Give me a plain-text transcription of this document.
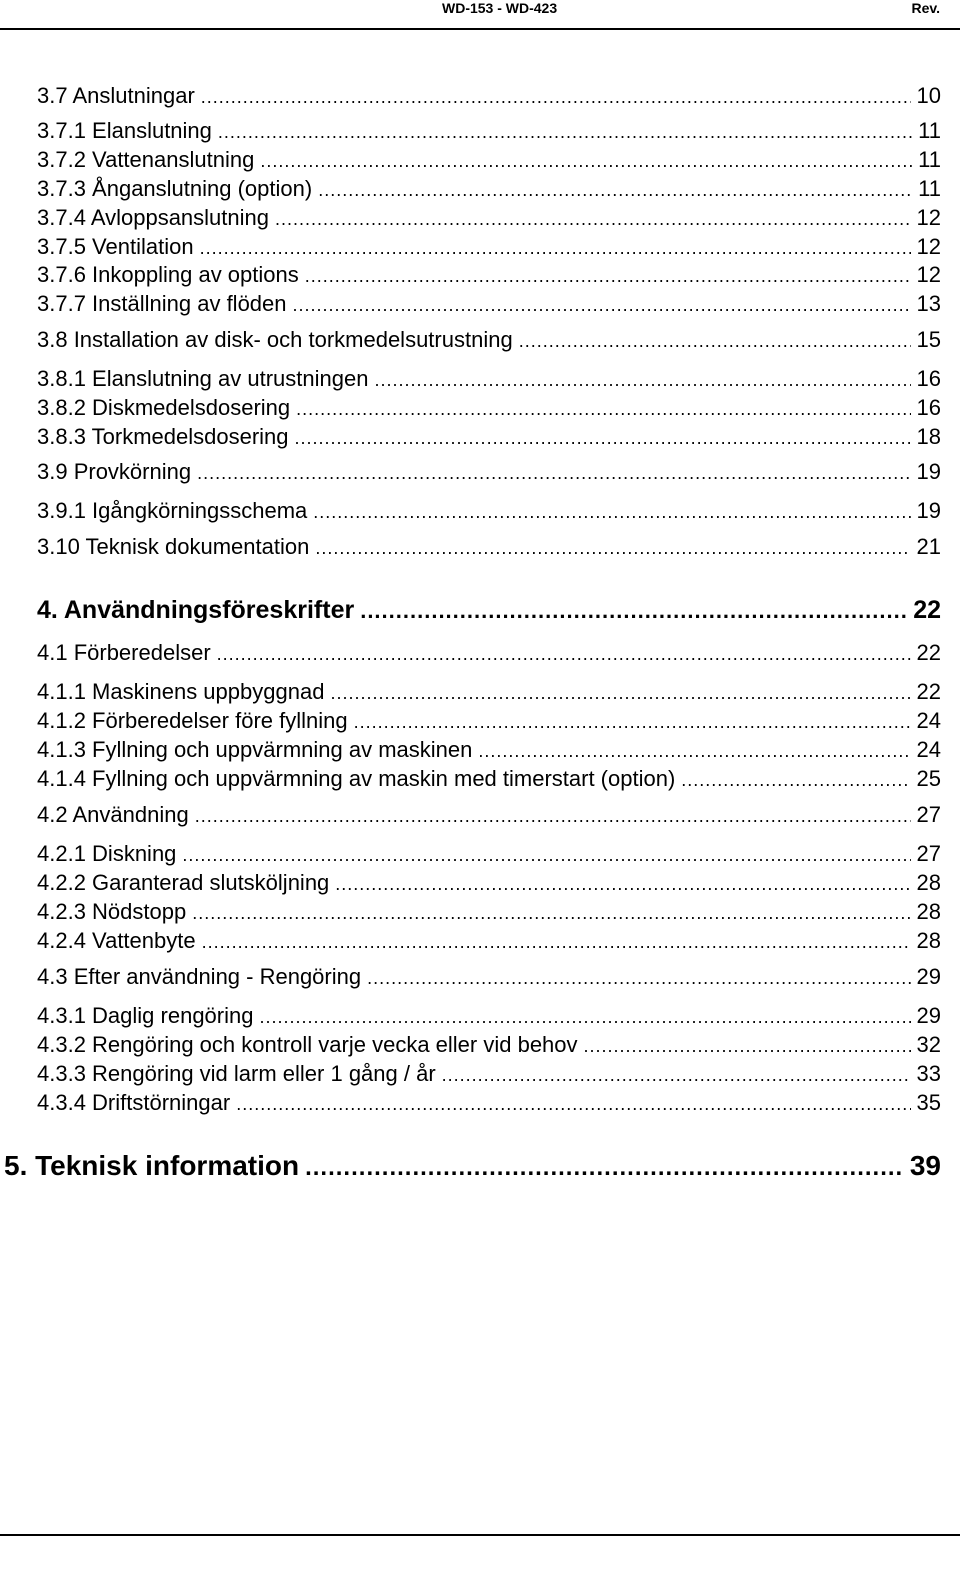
WD-153 - WD-423	Rev.
3.7 Anslutningar .....	10
3.7.1 Elanslutning .....	11
3.7.2 Vattenanslutning .....	11
3.7.3 Ånganslutning (option) .....	11
3.7.4 Avloppsanslutning .....	12
3.7.5 Ventilation .....	12
3.7.6 Inkoppling av options .....	12
3.7.7 Inställning av flöden .....	13
3.8 Installation av disk- och torkmedelsutrustning .....	15
3.8.1 Elanslutning av utrustningen .....	16
3.8.2 Diskmedelsdosering .....	16
3.8.3 Torkmedelsdosering .....	18
3.9 Provkörning .....	19
3.9.1 Igångkörningsschema .....	19
3.10 Teknisk dokumentation .....	21
4. Användningsföreskrifter .....	22
4.1 Förberedelser .....	22
4.1.1 Maskinens uppbyggnad .....	22
4.1.2 Förberedelser före fyllning .....	24
4.1.3 Fyllning och uppvärmning av maskinen .....	24
4.1.4 Fyllning och uppvärmning av maskin med timerstart (option) .....	25
4.2 Användning .....	27
4.2.1 Diskning .....	27
4.2.2 Garanterad slutsköljning .....	28
4.2.3 Nödstopp .....	28
4.2.4 Vattenbyte .....	28
4.3 Efter användning - Rengöring .....	29
4.3.1 Daglig rengöring .....	29
4.3.2 Rengöring och kontroll varje vecka eller vid behov .....	32
4.3.3 Rengöring vid larm eller 1 gång / år .....	33
4.3.4 Driftstörningar .....	35
5. Teknisk information .....	39
